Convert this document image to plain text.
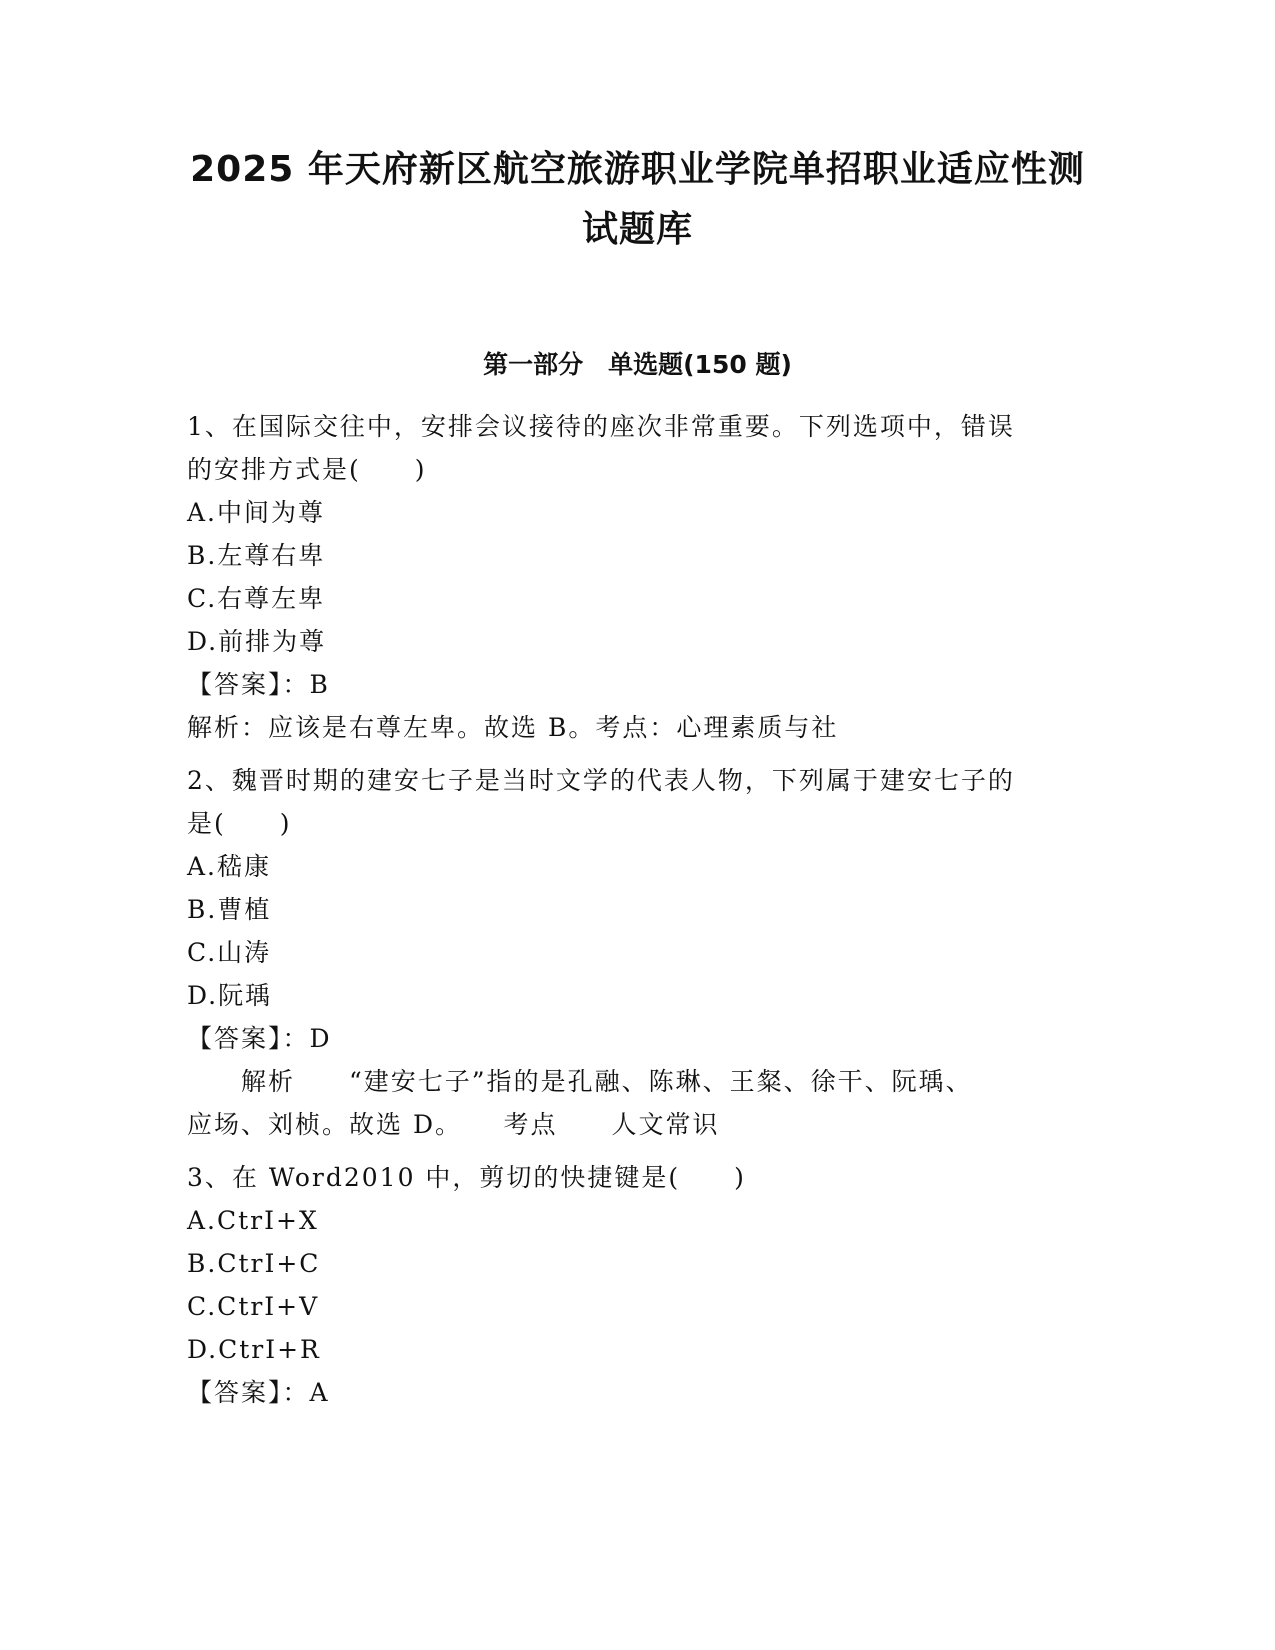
2025 年天府新区航空旅游职业学院单招职业适应性测
试题库
第一部分　单选题(150 题)
1、在国际交往中，安排会议接待的座次非常重要。下列选项中，错误
的安排方式是(　　)
A.中间为尊
B.左尊右卑
C.右尊左卑
D.前排为尊
【答案】：B
解析：应该是右尊左卑。故选 B。考点：心理素质与社
2、魏晋时期的建安七子是当时文学的代表人物，下列属于建安七子的
是(　　)
A.嵇康
B.曹植
C.山涛
D.阮瑀
【答案】：D
　　解析　　“建安七子”指的是孔融、陈琳、王粲、徐干、阮瑀、
应场、刘桢。故选 D。　　考点　　人文常识
3、在 Word2010 中，剪切的快捷键是(　　)
A.CtrI+X
B.CtrI+C
C.CtrI+V
D.CtrI+R
【答案】：A
